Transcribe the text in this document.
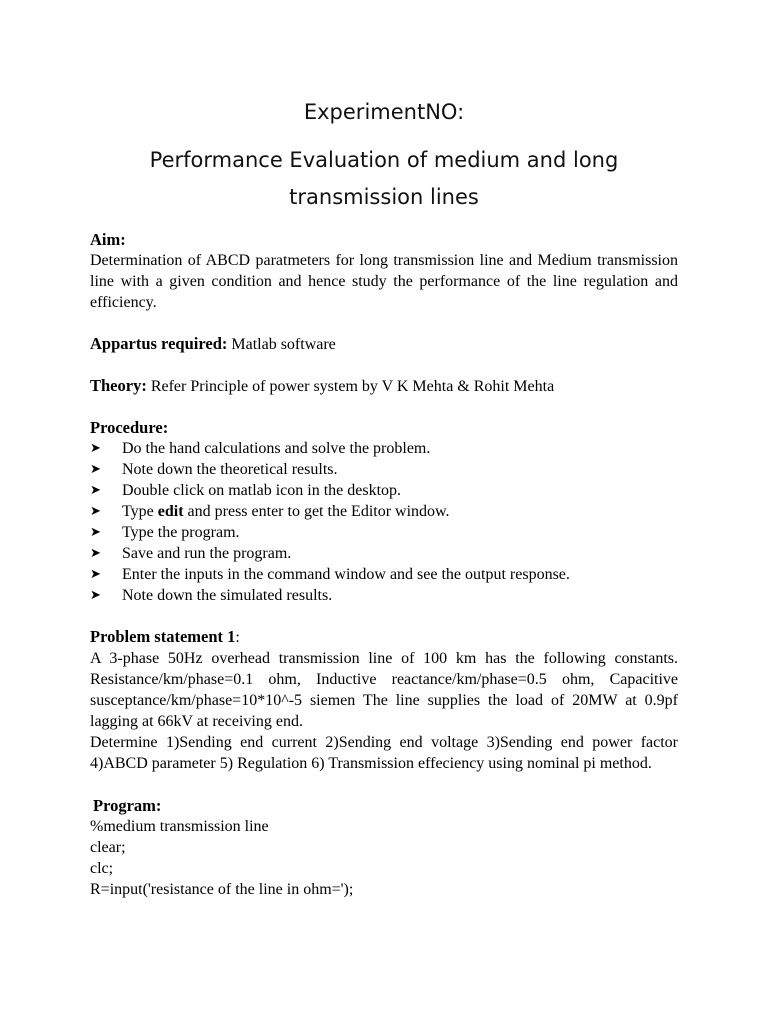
ExperimentNO:
Performance Evaluation of medium and long
transmission lines
Aim:

Determination of ABCD paratmeters for long transmission line and Medium transmission line with a given condition and hence study the performance of the line regulation and efficiency.

Appartus required: Matlab software

Theory: Refer Principle of power system by V K Mehta & Rohit Mehta

Procedure:
➤ Do the hand calculations and solve the problem.
➤ Note down the theoretical results.
➤ Double click on matlab icon in the desktop.
➤ Type edit and press enter to get the Editor window.
➤ Type the program.
➤ Save and run the program.
➤ Enter the inputs in the command window and see the output response.
➤ Note down the simulated results.

Problem statement 1:

A 3-phase 50Hz overhead transmission line of 100 km has the following constants. Resistance/km/phase=0.1 ohm, Inductive reactance/km/phase=0.5 ohm, Capacitive susceptance/km/phase=10*10^-5 siemen The line supplies the load of 20MW at 0.9pf lagging at 66kV at receiving end.

Determine 1)Sending end current 2)Sending end voltage 3)Sending end power factor 4)ABCD parameter 5) Regulation 6) Transmission effeciency using nominal pi method.

Program:
%medium transmission line
clear;
clc;
R=input('resistance of the line in ohm=');
